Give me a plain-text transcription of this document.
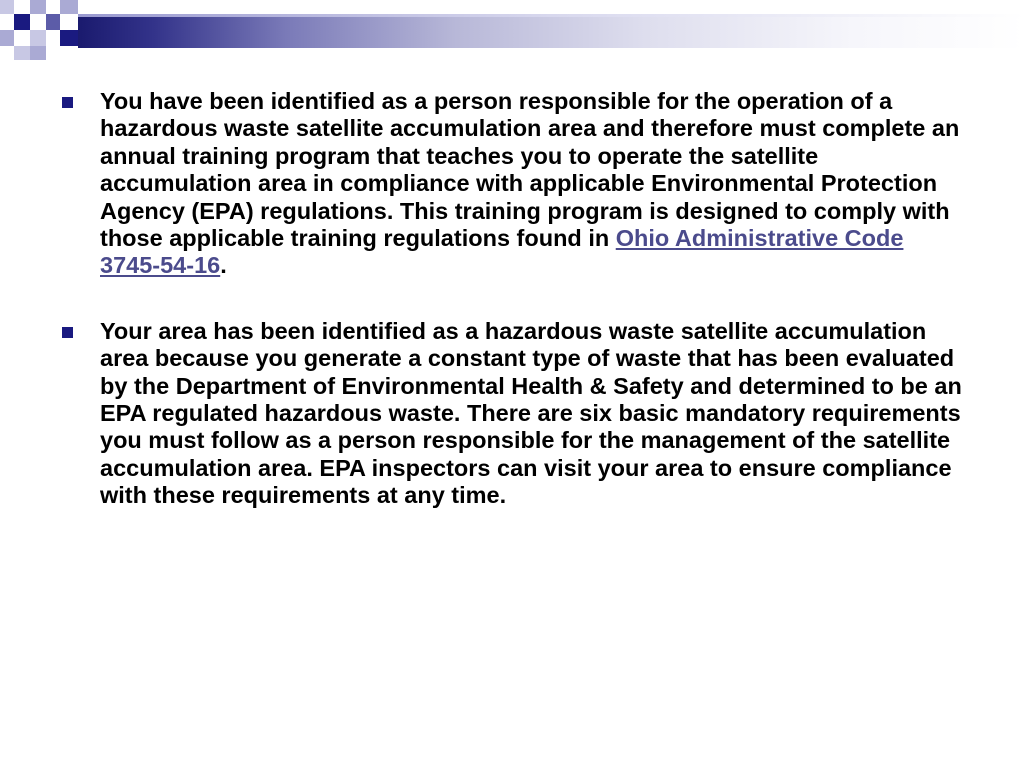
You have been identified as a person responsible for the operation of a hazardous waste satellite accumulation area and therefore must complete an annual training program that teaches you to operate the satellite accumulation area in compliance with applicable Environmental Protection Agency (EPA) regulations. This training program is designed to comply with those applicable training regulations found in Ohio Administrative Code 3745-54-16.
Your area has been identified as a hazardous waste satellite accumulation area because you generate a constant type of waste that has been evaluated by the Department of Environmental Health & Safety and determined to be an EPA regulated hazardous waste. There are six basic mandatory requirements you must follow as a person responsible for the management of the satellite accumulation area. EPA inspectors can visit your area to ensure compliance with these requirements at any time.
